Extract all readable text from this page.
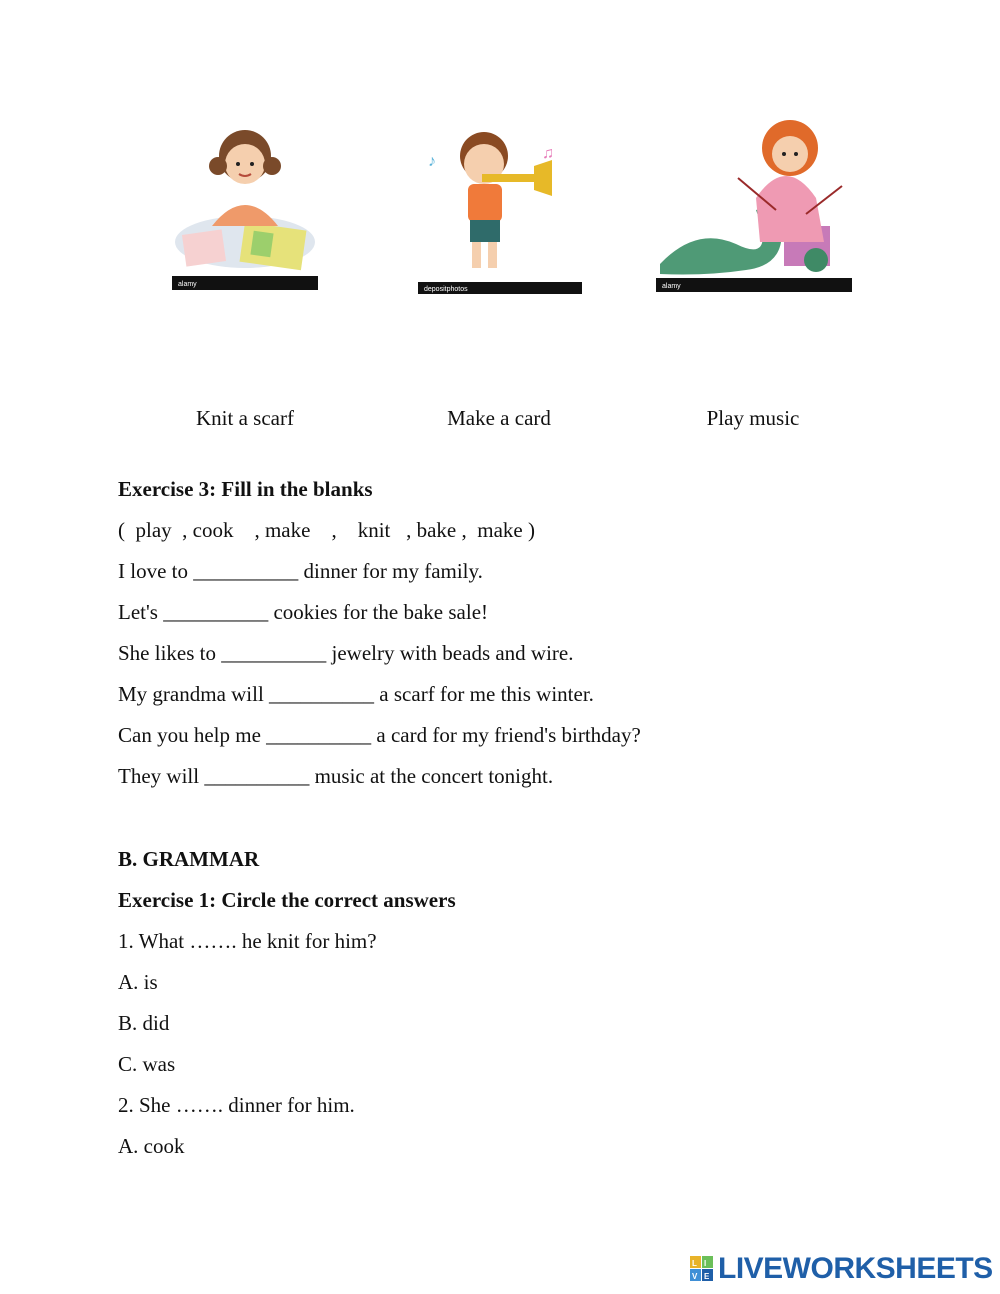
alamy
♪	♫
depositphotos	alamy
Knit a scarf	Make a card	Play music
Exercise 3: Fill in the blanks
(  play  , cook    , make    ,    knit   , bake ,  make )
I love to __________ dinner for my family.
Let's __________ cookies for the bake sale!
She likes to __________ jewelry with beads and wire.
My grandma will __________ a scarf for me this winter.
Can you help me __________ a card for my friend's birthday?
They will __________ music at the concert tonight.
B. GRAMMAR
Exercise 1: Circle the correct answers
1. What ……. he knit for him?
A. is
B. did
C. was
2. She ……. dinner for him.
A. cook
L I
V E LIVEWORKSHEETS
